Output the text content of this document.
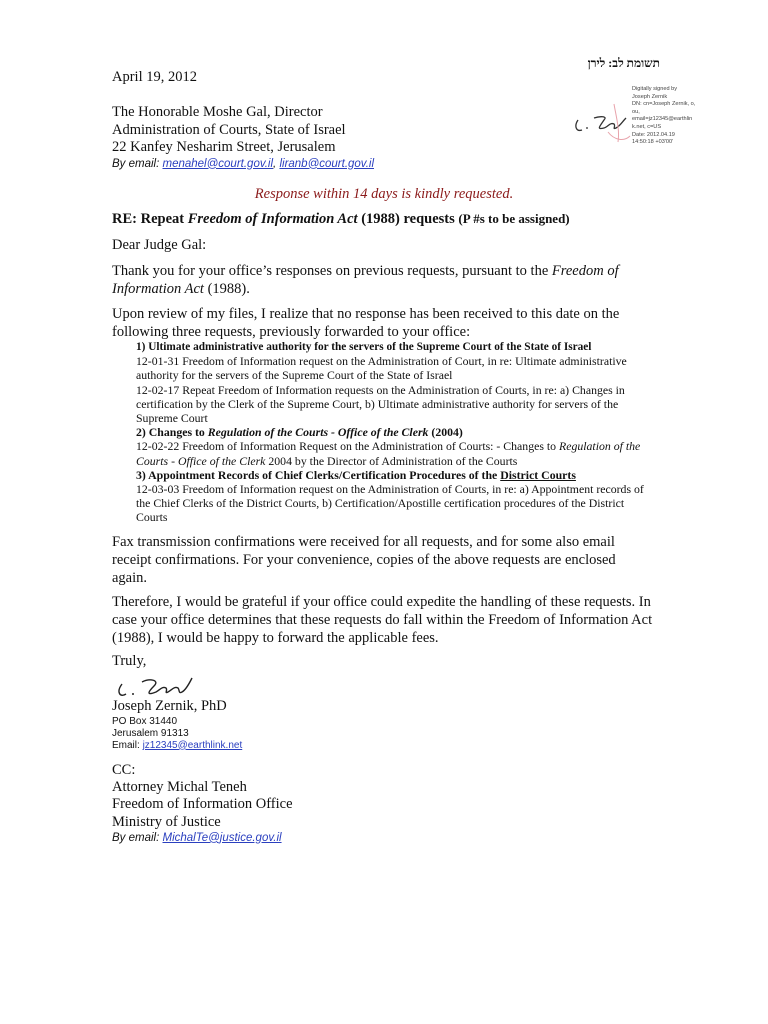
תשומת לב: לירן

April 19, 2012

The Honorable Moshe Gal, Director
Administration of Courts, State of Israel
22 Kanfey Nesharim Street, Jerusalem
By email: menahel@court.gov.il, liranb@court.gov.il
Digitally signed by
Joseph Zernik
DN: cn=Joseph Zernik, o,
ou,
email=jz12345@earthlin
k.net, c=US
Date: 2012.04.19
14:50:18 +03'00'
Response within 14 days is kindly requested.
RE: Repeat Freedom of Information Act (1988) requests (P #s to be assigned)
Dear Judge Gal:
Thank you for your office’s responses on previous requests, pursuant to the Freedom of Information Act (1988).
Upon review of my files, I realize that no response has been received to this date on the following three requests, previously forwarded to your office:
1) Ultimate administrative authority for the servers of the Supreme Court of the State of Israel
12-01-31 Freedom of Information request on the Administration of Court, in re: Ultimate administrative authority for the servers of the Supreme Court of the State of Israel
12-02-17 Repeat Freedom of Information requests on the Administration of Courts, in re: a) Changes in certification by the Clerk of the Supreme Court, b) Ultimate administrative authority for servers of the Supreme Court
2) Changes to Regulation of the Courts - Office of the Clerk (2004)
12-02-22 Freedom of Information Request on the Administration of Courts: - Changes to Regulation of the Courts - Office of the Clerk 2004 by the Director of Administration of the Courts
3) Appointment Records of Chief Clerks/Certification Procedures of the District Courts
12-03-03 Freedom of Information request on the Administration of Courts, in re: a) Appointment records of the Chief Clerks of the District Courts, b) Certification/Apostille certification procedures of the District Courts
Fax transmission confirmations were received for all requests, and for some also email receipt confirmations. For your convenience, copies of the above requests are enclosed again.
Therefore, I would be grateful if your office could expedite the handling of these requests. In case your office determines that these requests do fall within the Freedom of Information Act (1988), I would be happy to forward the applicable fees.
Truly,
Joseph Zernik, PhD
PO Box 31440
Jerusalem 91313
Email: jz12345@earthlink.net
CC:
Attorney Michal Teneh
Freedom of Information Office
Ministry of Justice
By email: MichalTe@justice.gov.il
